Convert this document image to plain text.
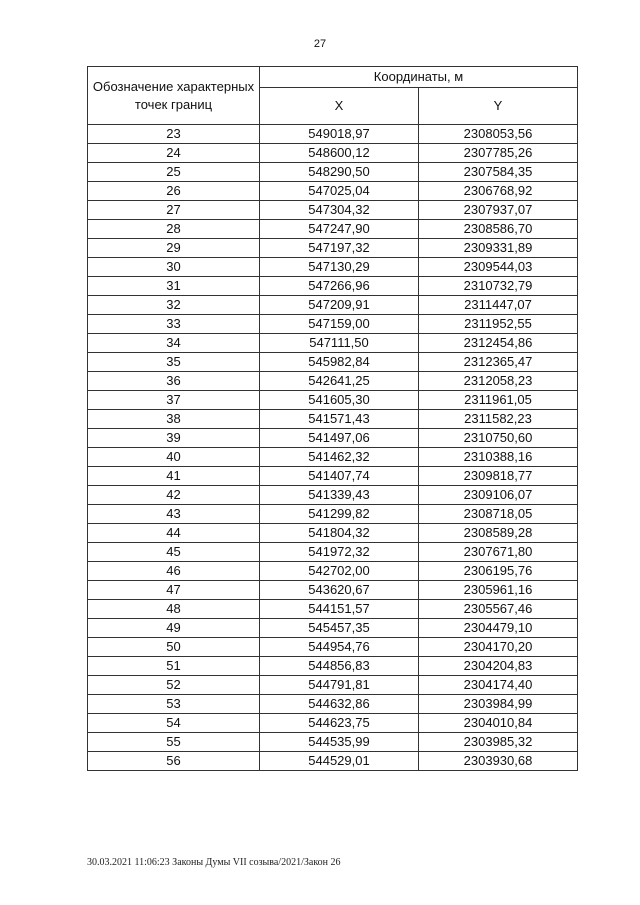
27
Обозначение характерных точек границ	Координаты, м	
	X	Y
23	549018,97	2308053,56
24	548600,12	2307785,26
25	548290,50	2307584,35
26	547025,04	2306768,92
27	547304,32	2307937,07
28	547247,90	2308586,70
29	547197,32	2309331,89
30	547130,29	2309544,03
31	547266,96	2310732,79
32	547209,91	2311447,07
33	547159,00	2311952,55
34	547111,50	2312454,86
35	545982,84	2312365,47
36	542641,25	2312058,23
37	541605,30	2311961,05
38	541571,43	2311582,23
39	541497,06	2310750,60
40	541462,32	2310388,16
41	541407,74	2309818,77
42	541339,43	2309106,07
43	541299,82	2308718,05
44	541804,32	2308589,28
45	541972,32	2307671,80
46	542702,00	2306195,76
47	543620,67	2305961,16
48	544151,57	2305567,46
49	545457,35	2304479,10
50	544954,76	2304170,20
51	544856,83	2304204,83
52	544791,81	2304174,40
53	544632,86	2303984,99
54	544623,75	2304010,84
55	544535,99	2303985,32
56	544529,01	2303930,68
30.03.2021 11:06:23 Законы Думы VII созыва/2021/Закон 26
